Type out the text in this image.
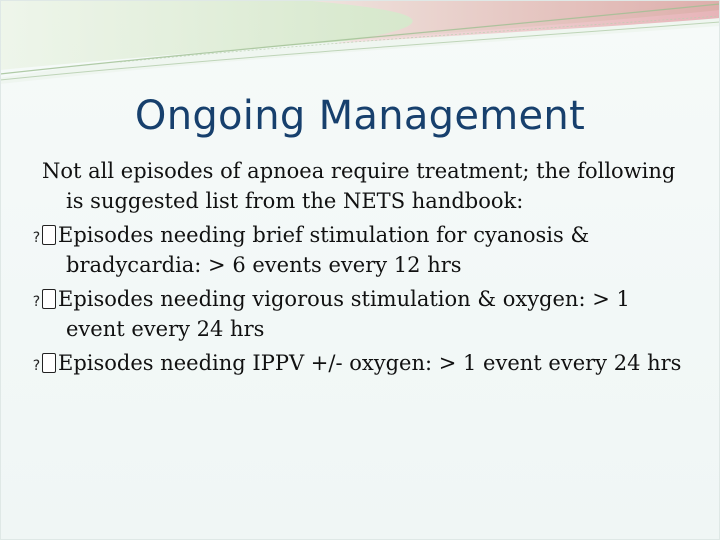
Ongoing Management

Not all episodes of apnoea require treatment; the following is suggested list from the NETS handbook:

?Episodes needing brief stimulation for cyanosis & bradycardia: > 6 events every 12 hrs

?Episodes needing vigorous stimulation & oxygen: > 1 event every 24 hrs

?Episodes needing IPPV +/- oxygen: > 1 event every 24 hrs
